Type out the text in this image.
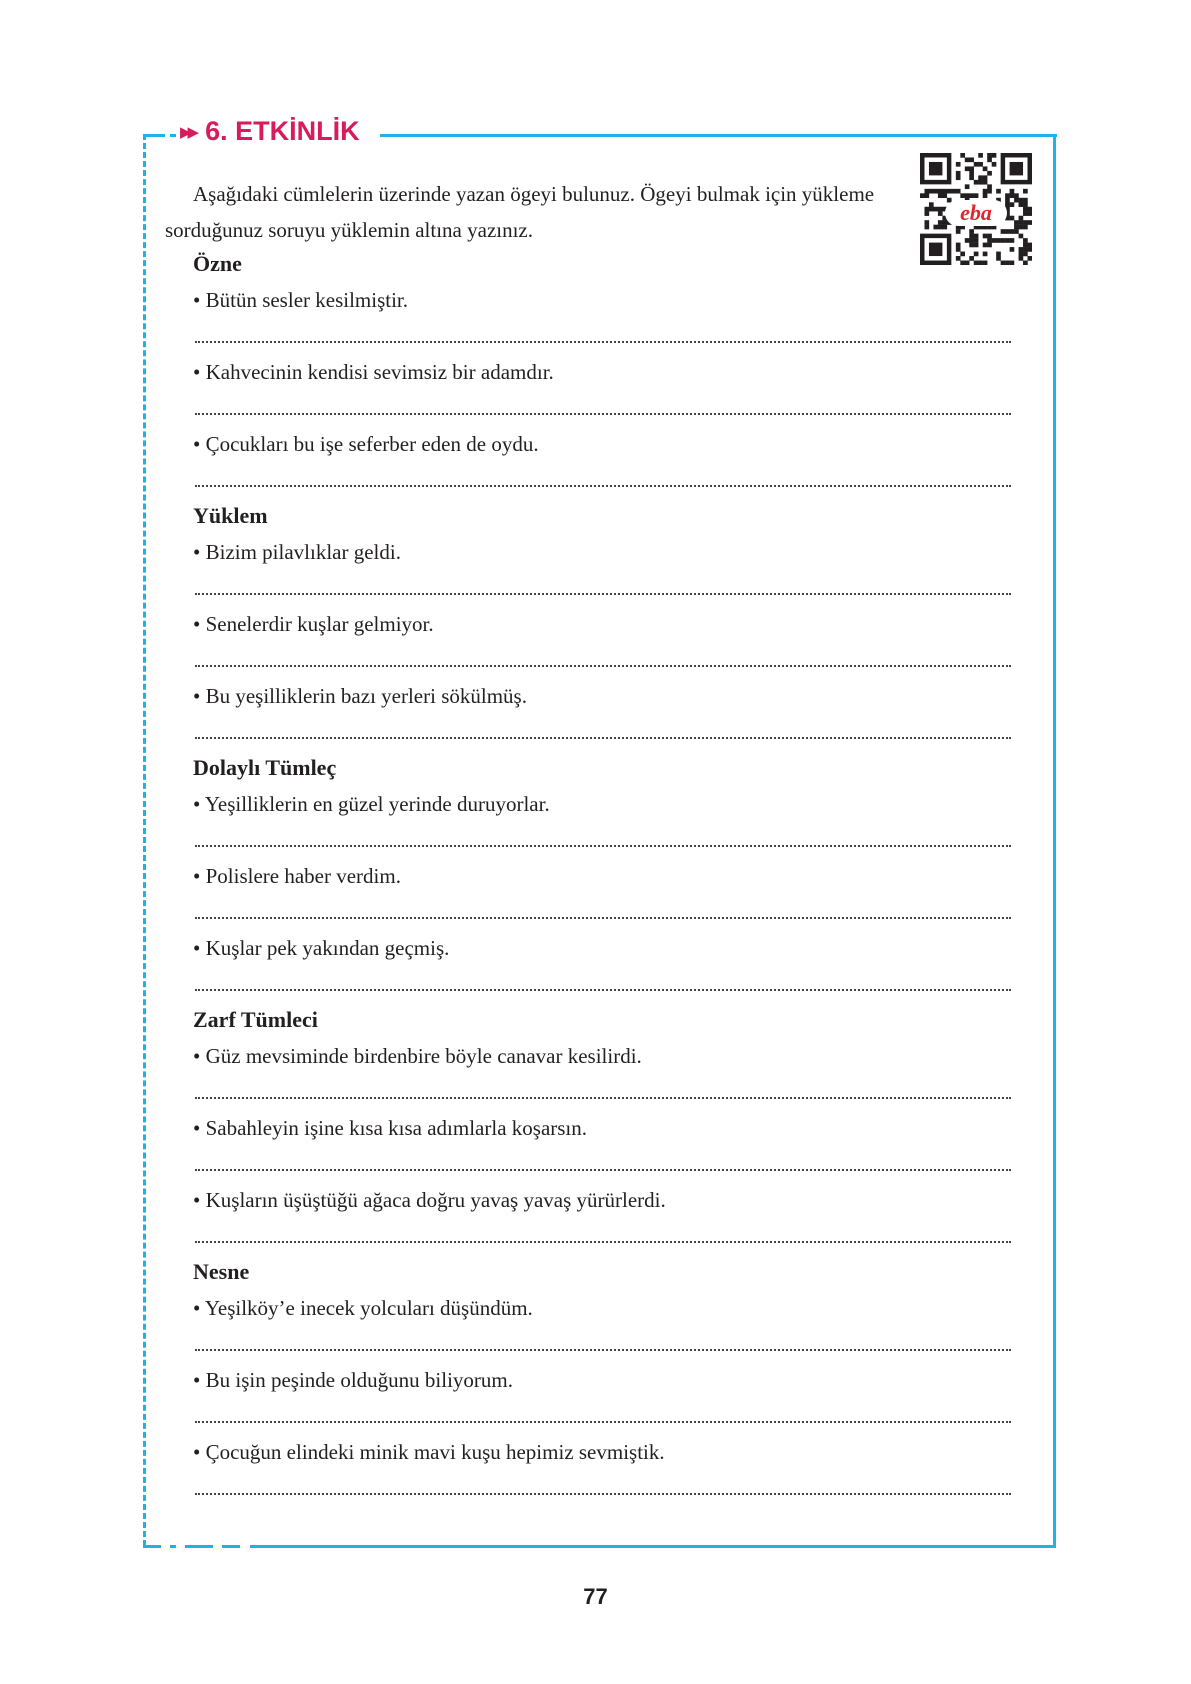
▶▶ 6. ETKİNLİK
eba

Aşağıdaki cümlelerin üzerinde yazan ögeyi bulunuz. Ögeyi bulmak için yükleme sorduğunuz soruyu yüklemin altına yazınız.

Özne
• Bütün sesler kesilmiştir.
• Kahvecinin kendisi sevimsiz bir adamdır.
• Çocukları bu işe seferber eden de oydu.
Yüklem
• Bizim pilavlıklar geldi.
• Senelerdir kuşlar gelmiyor.
• Bu yeşilliklerin bazı yerleri sökülmüş.
Dolaylı Tümleç
• Yeşilliklerin en güzel yerinde duruyorlar.
• Polislere haber verdim.
• Kuşlar pek yakından geçmiş.
Zarf Tümleci
• Güz mevsiminde birdenbire böyle canavar kesilirdi.
• Sabahleyin işine kısa kısa adımlarla koşarsın.
• Kuşların üşüştüğü ağaca doğru yavaş yavaş yürürlerdi.
Nesne
• Yeşilköy’e inecek yolcuları düşündüm.
• Bu işin peşinde olduğunu biliyorum.
• Çocuğun elindeki minik mavi kuşu hepimiz sevmiştik.
77
